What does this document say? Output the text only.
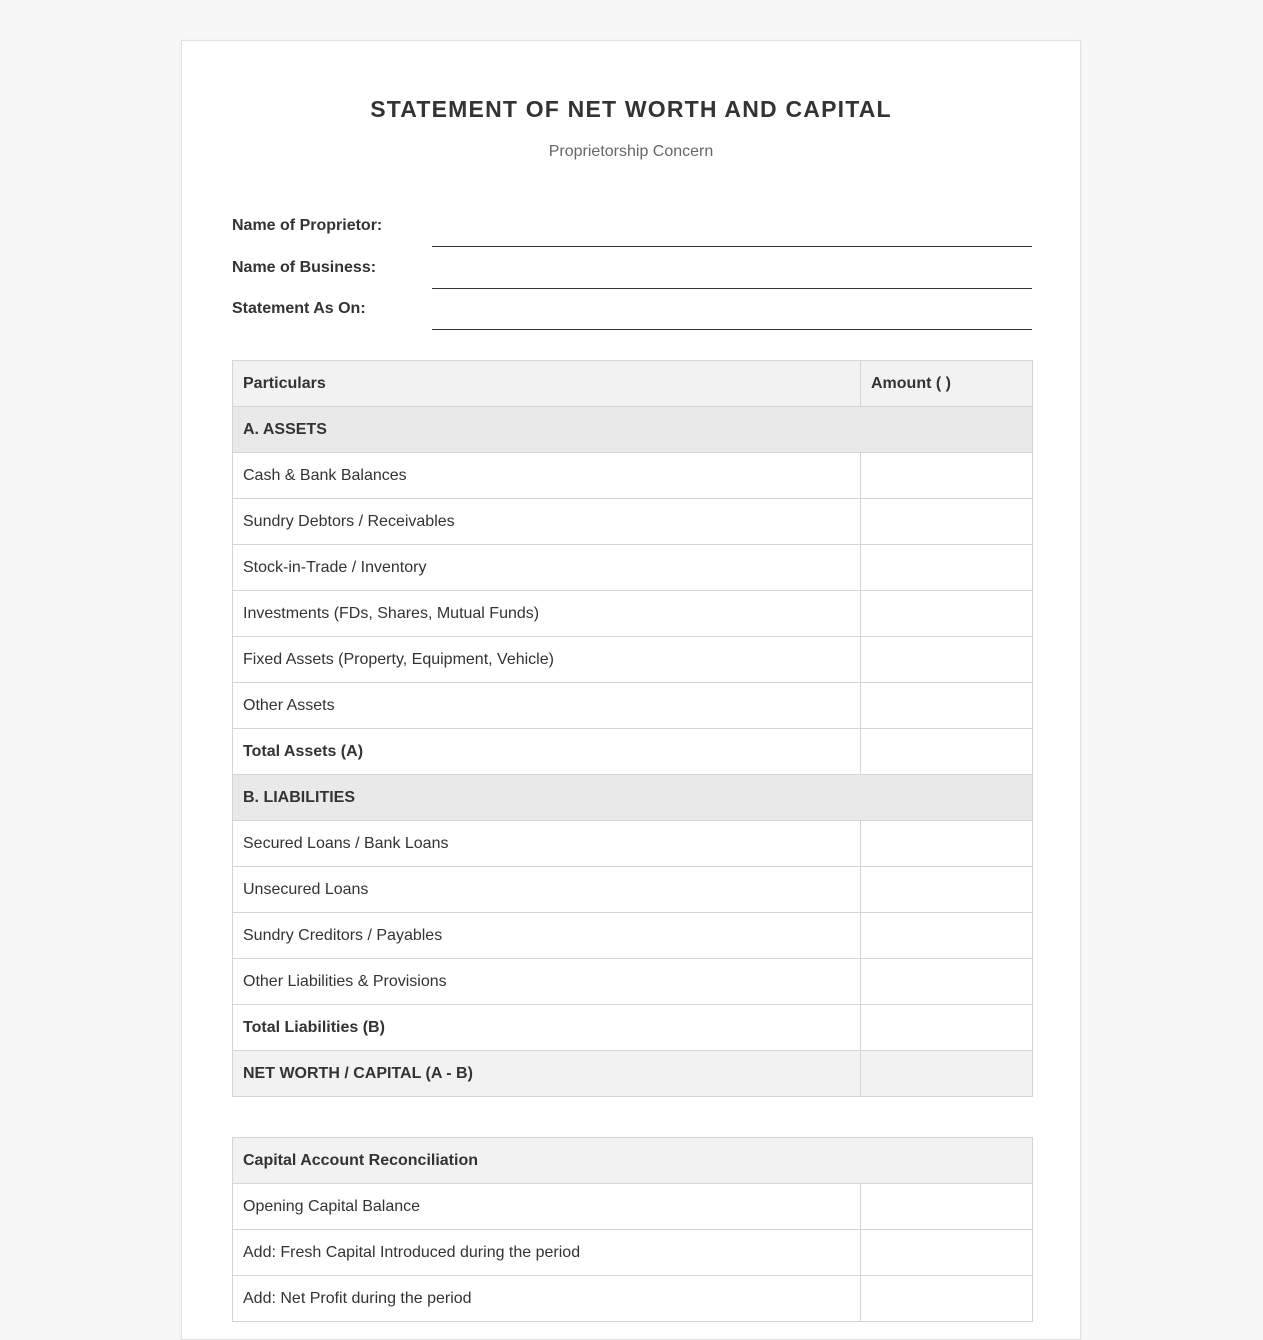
STATEMENT OF NET WORTH AND CAPITAL
Proprietorship Concern
Name of Proprietor:
Name of Business:
Statement As On:
Particulars	Amount ( )
A. ASSETS	
Cash & Bank Balances	
Sundry Debtors / Receivables	
Stock-in-Trade / Inventory	
Investments (FDs, Shares, Mutual Funds)	
Fixed Assets (Property, Equipment, Vehicle)	
Other Assets	
Total Assets (A)	
B. LIABILITIES	
Secured Loans / Bank Loans	
Unsecured Loans	
Sundry Creditors / Payables	
Other Liabilities & Provisions	
Total Liabilities (B)	
NET WORTH / CAPITAL (A - B)	
Capital Account Reconciliation	
Opening Capital Balance	
Add: Fresh Capital Introduced during the period	
Add: Net Profit during the period	
